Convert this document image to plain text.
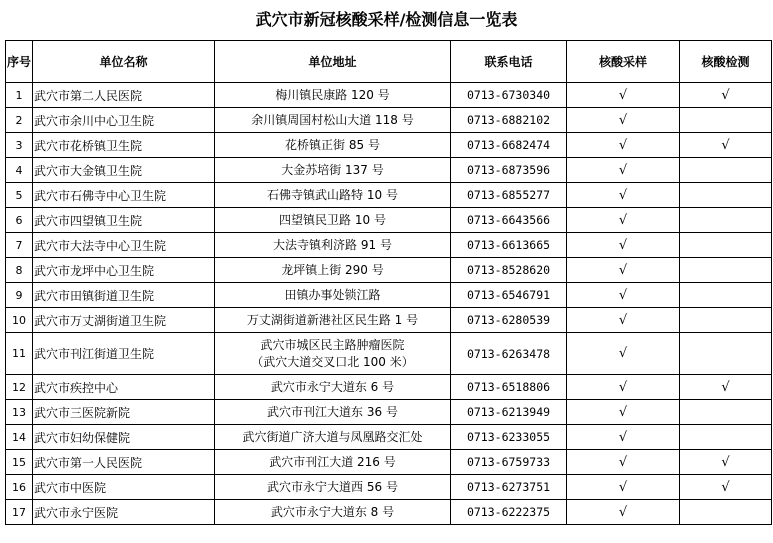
武穴市新冠核酸采样/检测信息一览表
序号	单位名称	单位地址	联系电话	核酸采样	核酸检测
1	武穴市第二人民医院	梅川镇民康路 120 号	0713-6730340	√	√
2	武穴市余川中心卫生院	余川镇周国村松山大道 118 号	0713-6882102	√	
3	武穴市花桥镇卫生院	花桥镇正街 85 号	0713-6682474	√	√
4	武穴市大金镇卫生院	大金苏培街 137 号	0713-6873596	√	
5	武穴市石佛寺中心卫生院	石佛寺镇武山路特 10 号	0713-6855277	√	
6	武穴市四望镇卫生院	四望镇民卫路 10 号	0713-6643566	√	
7	武穴市大法寺中心卫生院	大法寺镇利济路 91 号	0713-6613665	√	
8	武穴市龙坪中心卫生院	龙坪镇上街 290 号	0713-8528620	√	
9	武穴市田镇街道卫生院	田镇办事处锁江路	0713-6546791	√	
10	武穴市万丈湖街道卫生院	万丈湖街道新港社区民生路 1 号	0713-6280539	√	
11	武穴市刊江街道卫生院	武穴市城区民主路肿瘤医院
（武穴大道交叉口北 100 米）	0713-6263478	√	
12	武穴市疾控中心	武穴市永宁大道东 6 号	0713-6518806	√	√
13	武穴市三医院新院	武穴市刊江大道东 36 号	0713-6213949	√	
14	武穴市妇幼保健院	武穴街道广济大道与凤凰路交汇处	0713-6233055	√	
15	武穴市第一人民医院	武穴市刊江大道 216 号	0713-6759733	√	√
16	武穴市中医院	武穴市永宁大道西 56 号	0713-6273751	√	√
17	武穴市永宁医院	武穴市永宁大道东 8 号	0713-6222375	√	
